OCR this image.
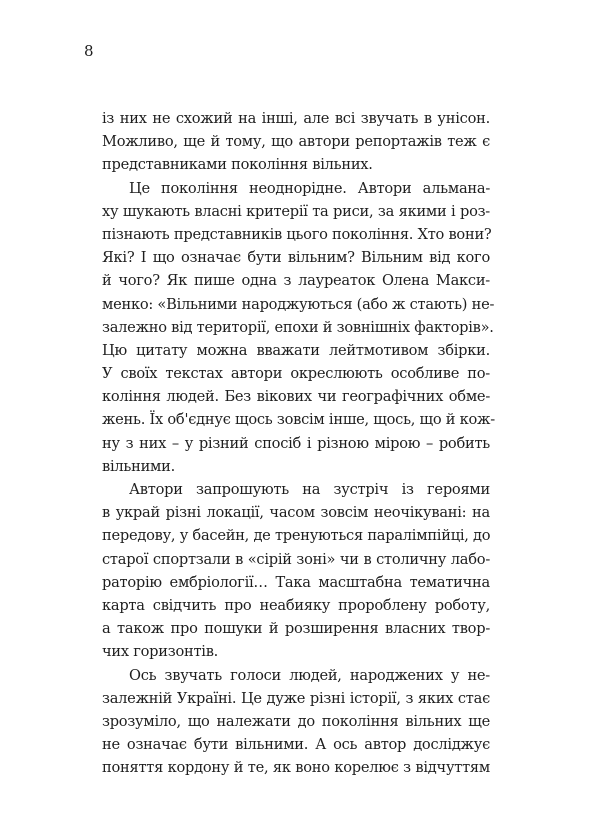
8
із них не схожий на інші, але всі звучать в унісон.
Можливо, ще й тому, що автори репортажів теж є
представниками покоління вільних.
Це покоління неоднорідне. Автори альмана-
ху шукають власні критерії та риси, за якими і роз-
пізнають представників цього покоління. Хто вони?
Які? І що означає бути вільним? Вільним від кого
й чого? Як пише одна з лауреаток Олена Макси-
менко: «Вільними народжуються (або ж стають) не-
залежно від території, епохи й зовнішніх факторів».
Цю цитату можна вважати лейтмотивом збірки.
У своїх текстах автори окреслюють особливе по-
коління людей. Без вікових чи географічних обме-
жень. Їх об'єднує щось зовсім інше, щось, що й кож-
ну з них – у різний спосіб і різною мірою – робить
вільними.
Автори запрошують на зустріч із героями
в украй різні локації, часом зовсім неочікувані: на
передову, у басейн, де тренуються паралімпійці, до
старої спортзали в «сірій зоні» чи в столичну лабо-
раторію ембріології… Така масштабна тематична
карта свідчить про неабияку пророблену роботу,
а також про пошуки й розширення власних твор-
чих горизонтів.
Ось звучать голоси людей, народжених у не-
залежній Україні. Це дуже різні історії, з яких стає
зрозуміло, що належати до покоління вільних ще
не означає бути вільними. А ось автор досліджує
поняття кордону й те, як воно корелює з відчуттям
